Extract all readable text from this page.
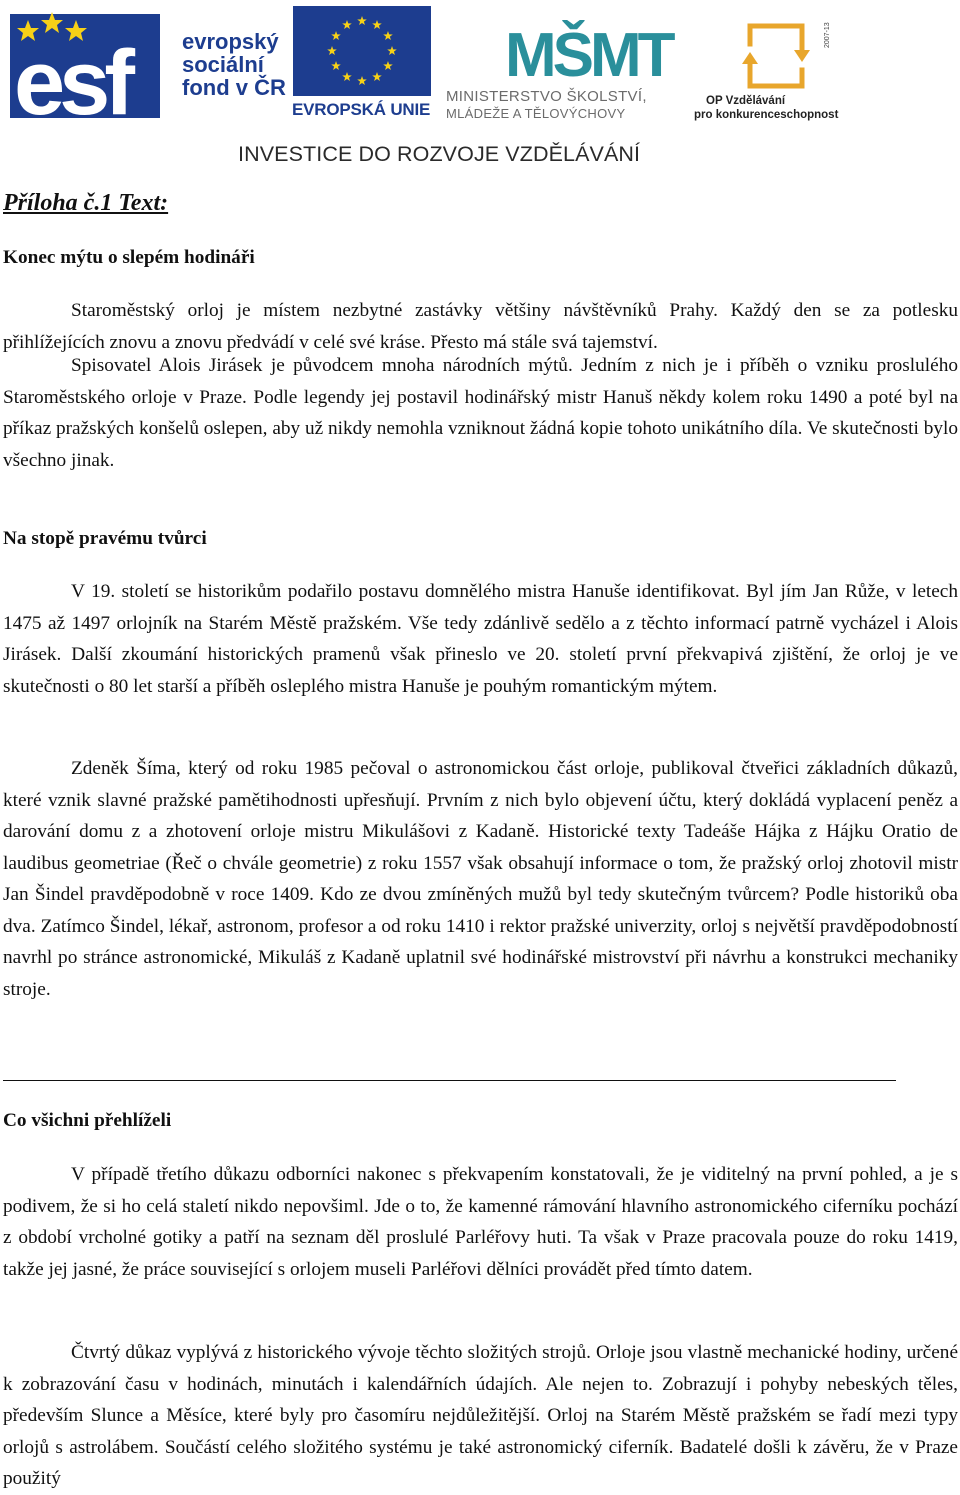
esf evropský
sociální
fond v ČR
EVROPSKÁ UNIE
MŠMT
MINISTERSTVO ŠKOLSTVÍ,
MLÁDEŽE A TĚLOVÝCHOVY
2007-13
OP Vzdělávání
pro konkurenceschopnost
INVESTICE DO ROZVOJE VZDĚLÁVÁNÍ
Příloha č.1 Text:
Konec mýtu o slepém hodináři

Staroměstský orloj je místem nezbytné zastávky většiny návštěvníků Prahy. Každý den se za potlesku přihlížejících znovu a znovu předvádí v celé své kráse. Přesto má stále svá tajemství.

Spisovatel Alois Jirásek je původcem mnoha národních mýtů. Jedním z nich je i příběh o vzniku proslulého Staroměstského orloje v Praze. Podle legendy jej postavil hodinářský mistr Hanuš někdy kolem roku 1490 a poté byl na příkaz pražských konšelů oslepen, aby už nikdy nemohla vzniknout žádná kopie tohoto unikátního díla. Ve skutečnosti bylo všechno jinak.

Na stopě pravému tvůrci

V 19. století se historikům podařilo postavu domnělého mistra Hanuše identifikovat. Byl jím Jan Růže, v letech 1475 až 1497 orlojník na Starém Městě pražském. Vše tedy zdánlivě sedělo a z těchto informací patrně vycházel i Alois Jirásek. Další zkoumání historických pramenů však přineslo ve 20. století první překvapivá zjištění, že orloj je ve skutečnosti o 80 let starší a příběh osleplého mistra Hanuše je pouhým romantickým mýtem.

Zdeněk Šíma, který od roku 1985 pečoval o astronomickou část orloje, publikoval čtveřici základních důkazů, které vznik slavné pražské pamětihodnosti upřesňují. Prvním z nich bylo objevení účtu, který dokládá vyplacení peněz a darování domu z a zhotovení orloje mistru Mikulášovi z Kadaně. Historické texty Tadeáše Hájka z Hájku Oratio de laudibus geometriae (Řeč o chvále geometrie) z roku 1557 však obsahují informace o tom, že pražský orloj zhotovil mistr Jan Šindel pravděpodobně v roce 1409. Kdo ze dvou zmíněných mužů byl tedy skutečným tvůrcem? Podle historiků oba dva. Zatímco Šindel, lékař, astronom, profesor a od roku 1410 i rektor pražské univerzity, orloj s největší pravděpodobností navrhl po stránce astronomické, Mikuláš z Kadaně uplatnil své hodinářské mistrovství při návrhu a konstrukci mechaniky stroje.

Co všichni přehlíželi

V případě třetího důkazu odborníci nakonec s překvapením konstatovali, že je viditelný na první pohled, a je s podivem, že si ho celá staletí nikdo nepovšiml. Jde o to, že kamenné rámování hlavního astronomického ciferníku pochází z období vrcholné gotiky a patří na seznam děl proslulé Parléřovy huti. Ta však v Praze pracovala pouze do roku 1419, takže jej jasné, že práce související s orlojem museli Parléřovi dělníci provádět před tímto datem.

Čtvrtý důkaz vyplývá z historického vývoje těchto složitých strojů. Orloje jsou vlastně mechanické hodiny, určené k zobrazování času v hodinách, minutách i kalendářních údajích. Ale nejen to. Zobrazují i pohyby nebeských těles, především Slunce a Měsíce, které byly pro časomíru nejdůležitější. Orloj na Starém Městě pražském se řadí mezi typy orlojů s astrolábem. Součástí celého složitého systému je také astronomický ciferník. Badatelé došli k závěru, že v Praze použitý
